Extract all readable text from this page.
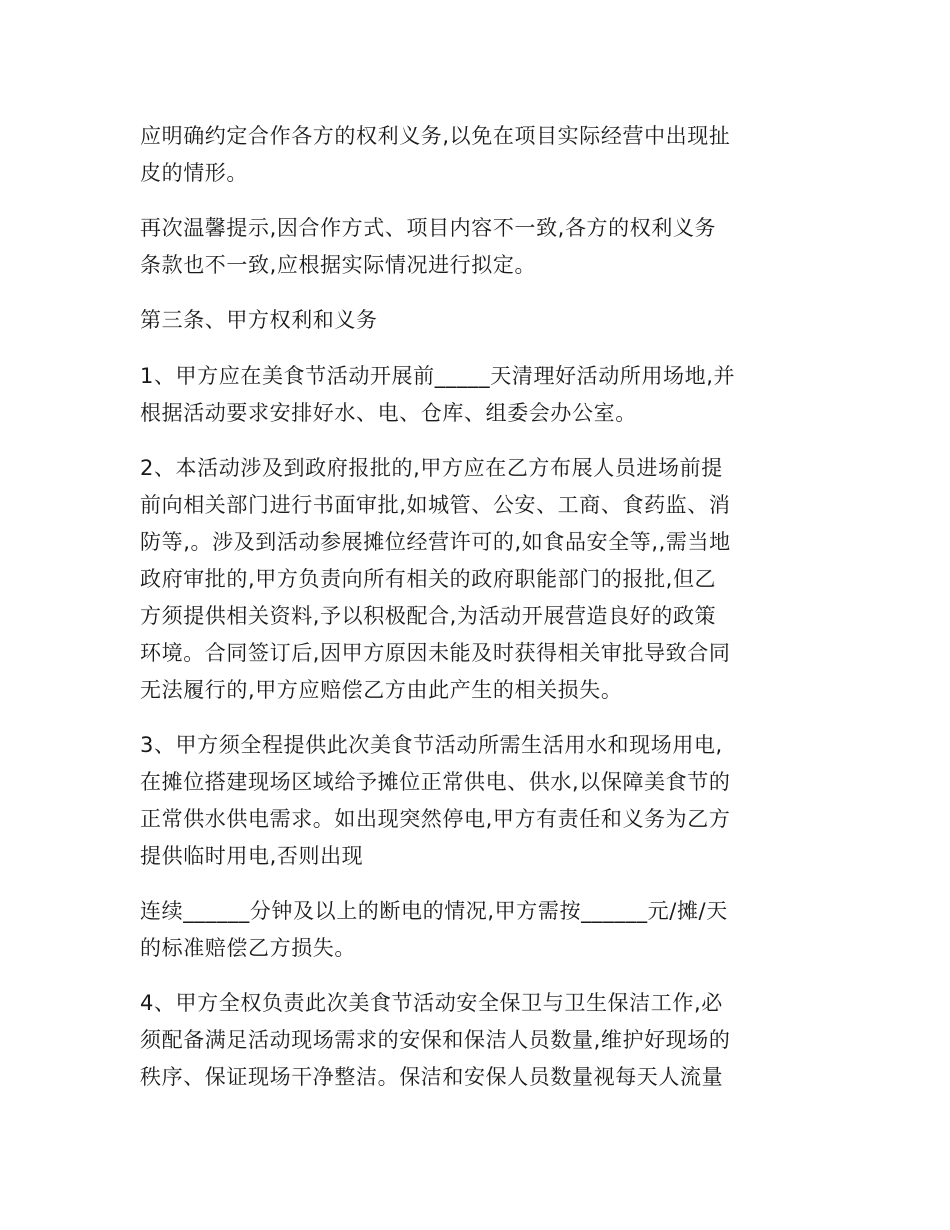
应明确约定合作各方的权利义务,以免在项目实际经营中出现扯
皮的情形。
再次温馨提示,因合作方式、项目内容不一致,各方的权利义务
条款也不一致,应根据实际情况进行拟定。
第三条、甲方权利和义务
1、甲方应在美食节活动开展前_____天清理好活动所用场地,并
根据活动要求安排好水、电、仓库、组委会办公室。
2、本活动涉及到政府报批的,甲方应在乙方布展人员进场前提
前向相关部门进行书面审批,如城管、公安、工商、食药监、消
防等,。涉及到活动参展摊位经营许可的,如食品安全等,,需当地
政府审批的,甲方负责向所有相关的政府职能部门的报批,但乙
方须提供相关资料,予以积极配合,为活动开展营造良好的政策
环境。合同签订后,因甲方原因未能及时获得相关审批导致合同
无法履行的,甲方应赔偿乙方由此产生的相关损失。
3、甲方须全程提供此次美食节活动所需生活用水和现场用电,
在摊位搭建现场区域给予摊位正常供电、供水,以保障美食节的
正常供水供电需求。如出现突然停电,甲方有责任和义务为乙方
提供临时用电,否则出现
连续______分钟及以上的断电的情况,甲方需按______元/摊/天
的标准赔偿乙方损失。
4、甲方全权负责此次美食节活动安全保卫与卫生保洁工作,必
须配备满足活动现场需求的安保和保洁人员数量,维护好现场的
秩序、保证现场干净整洁。保洁和安保人员数量视每天人流量
